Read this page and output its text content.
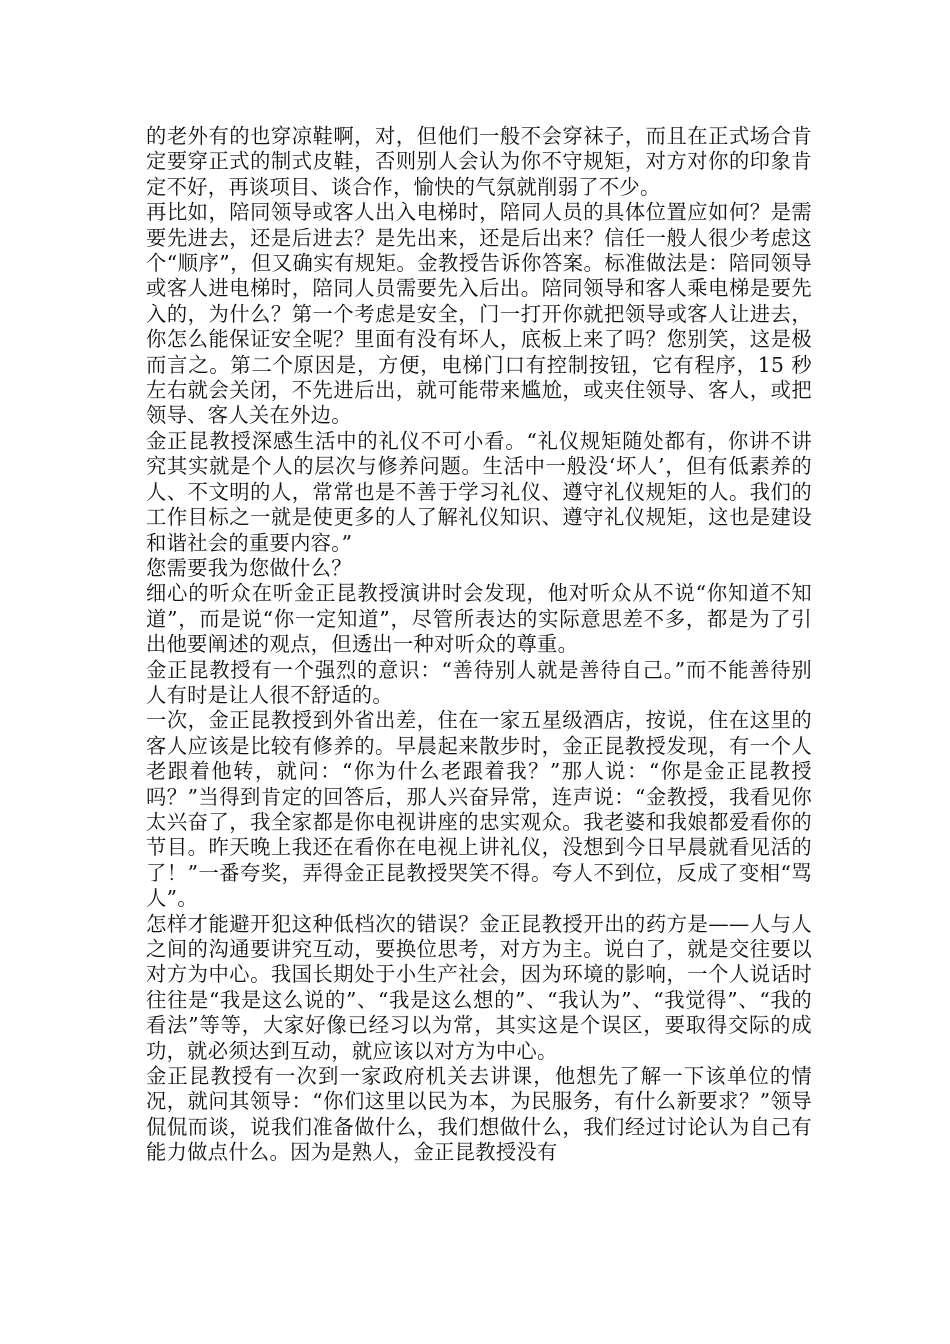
的老外有的也穿凉鞋啊，对，但他们一般不会穿袜子，而且在正式场合肯定要穿正式的制式皮鞋，否则别人会认为你不守规矩，对方对你的印象肯定不好，再谈项目、谈合作，愉快的气氛就削弱了不少。

再比如，陪同领导或客人出入电梯时，陪同人员的具体位置应如何？是需要先进去，还是后进去？是先出来，还是后出来？信任一般人很少考虑这个“顺序”，但又确实有规矩。金教授告诉你答案。标准做法是：陪同领导或客人进电梯时，陪同人员需要先入后出。陪同领导和客人乘电梯是要先入的，为什么？第一个考虑是安全，门一打开你就把领导或客人让进去，你怎么能保证安全呢？里面有没有坏人，底板上来了吗？您别笑，这是极而言之。第二个原因是，方便，电梯门口有控制按钮，它有程序，15 秒左右就会关闭，不先进后出，就可能带来尴尬，或夹住领导、客人，或把领导、客人关在外边。

金正昆教授深感生活中的礼仪不可小看。“礼仪规矩随处都有，你讲不讲究其实就是个人的层次与修养问题。生活中一般没‘坏人’，但有低素养的人、不文明的人，常常也是不善于学习礼仪、遵守礼仪规矩的人。我们的工作目标之一就是使更多的人了解礼仪知识、遵守礼仪规矩，这也是建设和谐社会的重要内容。”

您需要我为您做什么？

细心的听众在听金正昆教授演讲时会发现，他对听众从不说“你知道不知道”，而是说“你一定知道”，尽管所表达的实际意思差不多，都是为了引出他要阐述的观点，但透出一种对听众的尊重。

金正昆教授有一个强烈的意识：“善待别人就是善待自己。”而不能善待别人有时是让人很不舒适的。

一次，金正昆教授到外省出差，住在一家五星级酒店，按说，住在这里的客人应该是比较有修养的。早晨起来散步时，金正昆教授发现，有一个人老跟着他转，就问：“你为什么老跟着我？”那人说：“你是金正昆教授吗？”当得到肯定的回答后，那人兴奋异常，连声说：“金教授，我看见你太兴奋了，我全家都是你电视讲座的忠实观众。我老婆和我娘都爱看你的节目。昨天晚上我还在看你在电视上讲礼仪，没想到今日早晨就看见活的了！”一番夸奖，弄得金正昆教授哭笑不得。夸人不到位，反成了变相“骂人”。

怎样才能避开犯这种低档次的错误？金正昆教授开出的药方是——人与人之间的沟通要讲究互动，要换位思考，对方为主。说白了，就是交往要以对方为中心。我国长期处于小生产社会，因为环境的影响，一个人说话时往往是“我是这么说的”、“我是这么想的”、“我认为”、“我觉得”、“我的看法”等等，大家好像已经习以为常，其实这是个误区，要取得交际的成功，就必须达到互动，就应该以对方为中心。

金正昆教授有一次到一家政府机关去讲课，他想先了解一下该单位的情况，就问其领导：“你们这里以民为本，为民服务，有什么新要求？”领导侃侃而谈，说我们准备做什么，我们想做什么，我们经过讨论认为自己有能力做点什么。因为是熟人，金正昆教授没有
